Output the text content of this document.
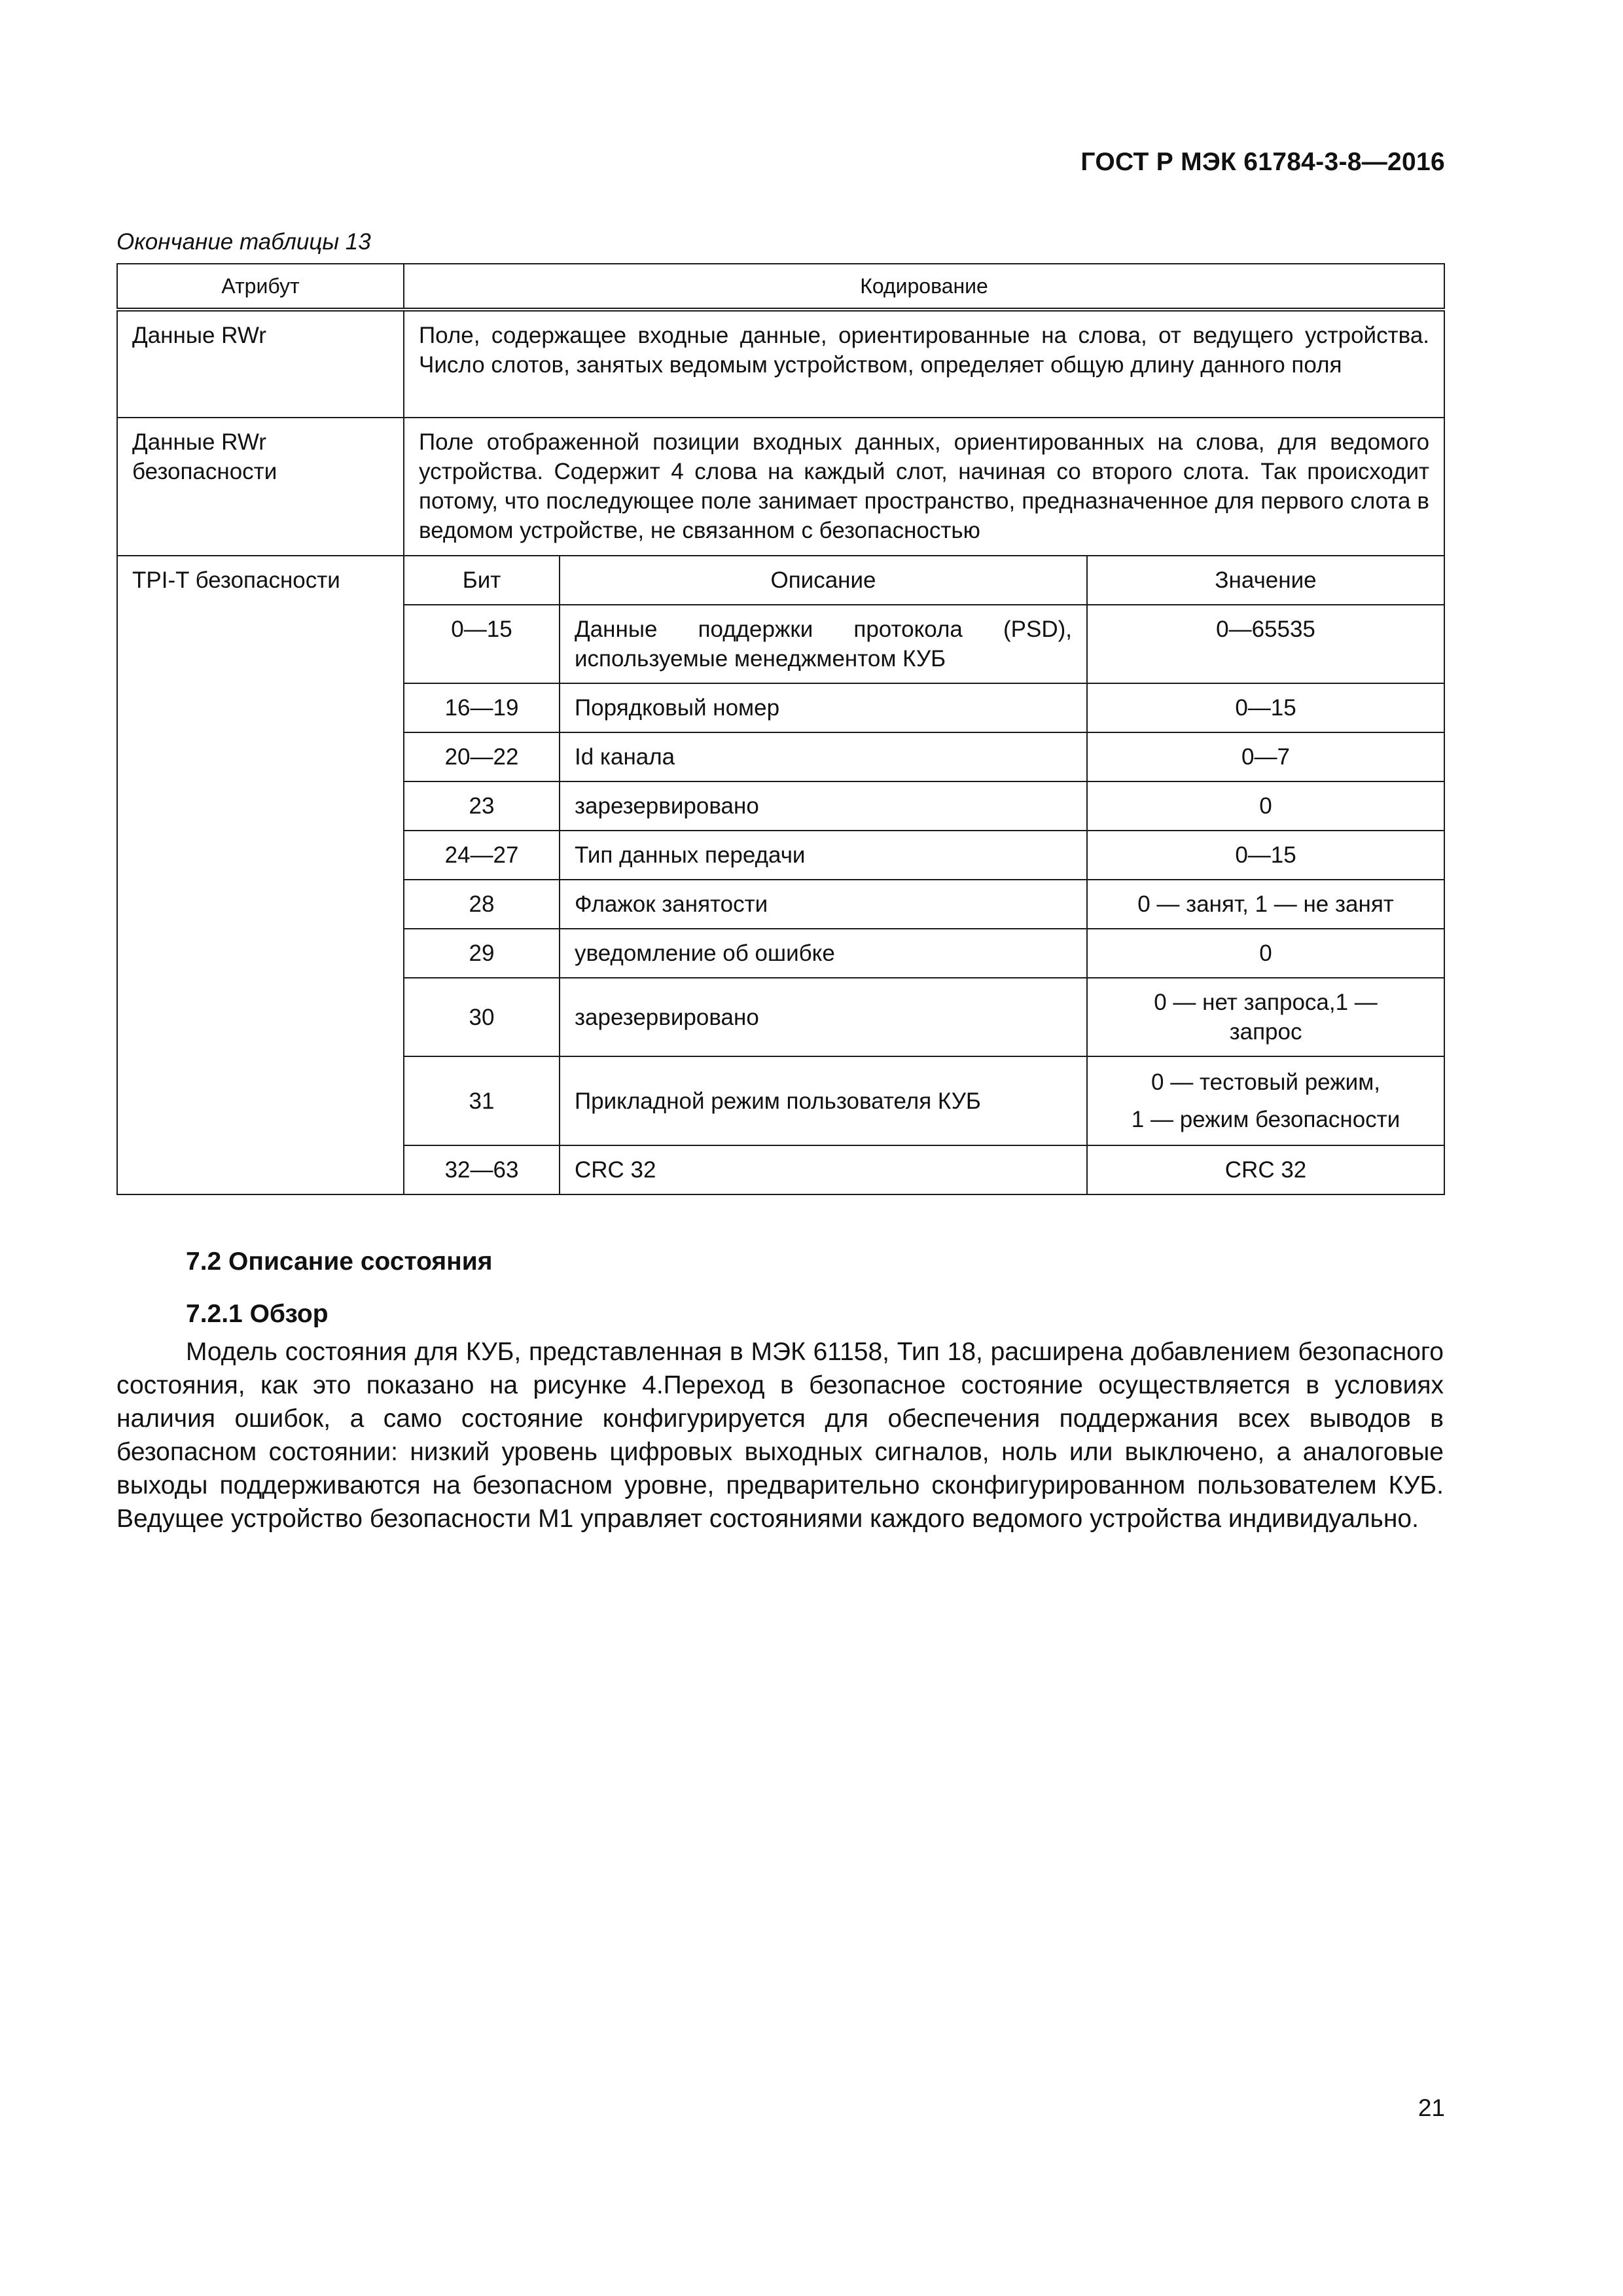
ГОСТ Р МЭК 61784-3-8—2016
Окончание таблицы 13
Атрибут	Кодирование		
Данные RWr	Поле, содержащее входные данные, ориентированные на слова, от ведущего устройства. Число слотов, занятых ведомым устройством, определяет общую длину данного поля		
Данные RWr безопасности	Поле отображенной позиции входных данных, ориентированных на слова, для ведомого устройства. Содержит 4 слова на каждый слот, начиная со второго слота. Так происходит потому, что последующее поле занимает пространство, предназначенное для первого слота в ведомом устройстве, не связанном с безопасностью		
TPI-T безопасности	Бит	Описание	Значение
	0—15	Данные поддержки протокола (PSD), используемые менеджментом КУБ	0—65535
	16—19	Порядковый номер	0—15
	20—22	Id канала	0—7
	23	зарезервировано	0
	24—27	Тип данных передачи	0—15
	28	Флажок занятости	0 — занят, 1 — не занят
	29	уведомление об ошибке	0
	30	зарезервировано	0 — нет запроса,1 — запрос
	31	Прикладной режим пользователя КУБ	0 — тестовый режим,
1 — режим безопасности

	32—63	CRC 32	CRC 32
7.2 Описание состояния
7.2.1 Обзор

Модель состояния для КУБ, представленная в МЭК 61158, Тип 18, расширена добавлением безопасного состояния, как это показано на рисунке 4.Переход в безопасное состояние осуществляется в условиях наличия ошибок, а само состояние конфигурируется для обеспечения поддержания всех выводов в безопасном состоянии: низкий уровень цифровых выходных сигналов, ноль или выключено, а аналоговые выходы поддерживаются на безопасном уровне, предварительно сконфигурированном пользователем КУБ. Ведущее устройство безопасности М1 управляет состояниями каждого ведомого устройства индивидуально.

21
